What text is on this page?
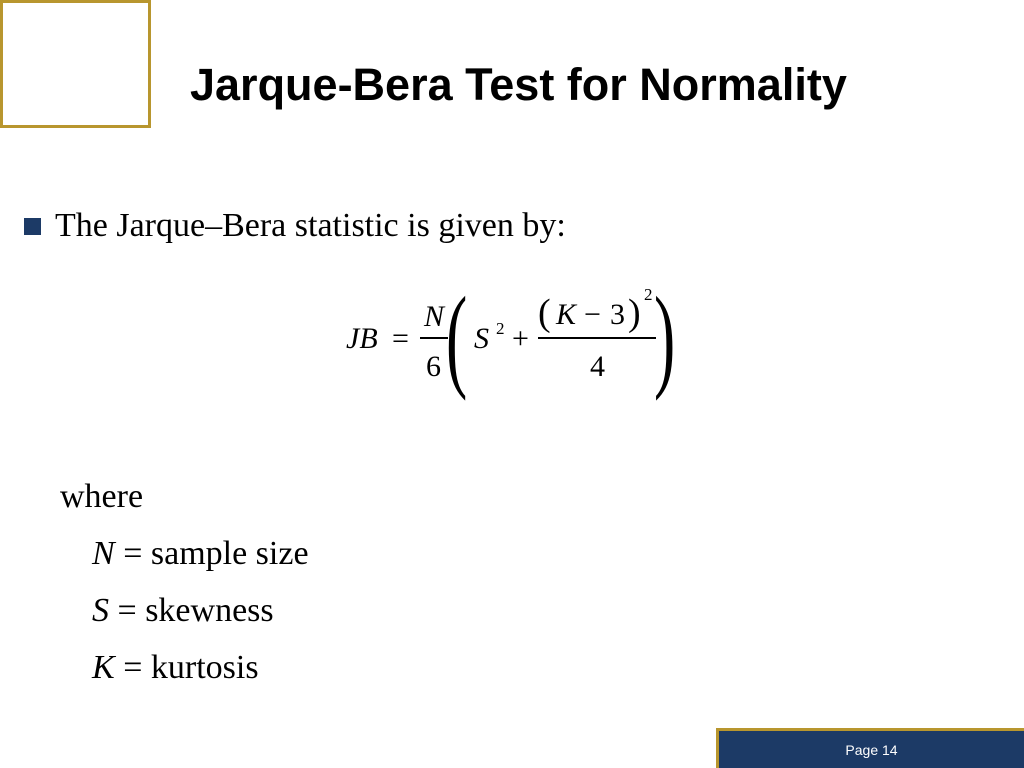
Jarque-Bera Test for Normality
The Jarque–Bera statistic is given by:
JB =
N
6 ( S 2 +
( K − 3 ) 2
4 )
where
N = sample size
S = skewness
K = kurtosis
Page 14
